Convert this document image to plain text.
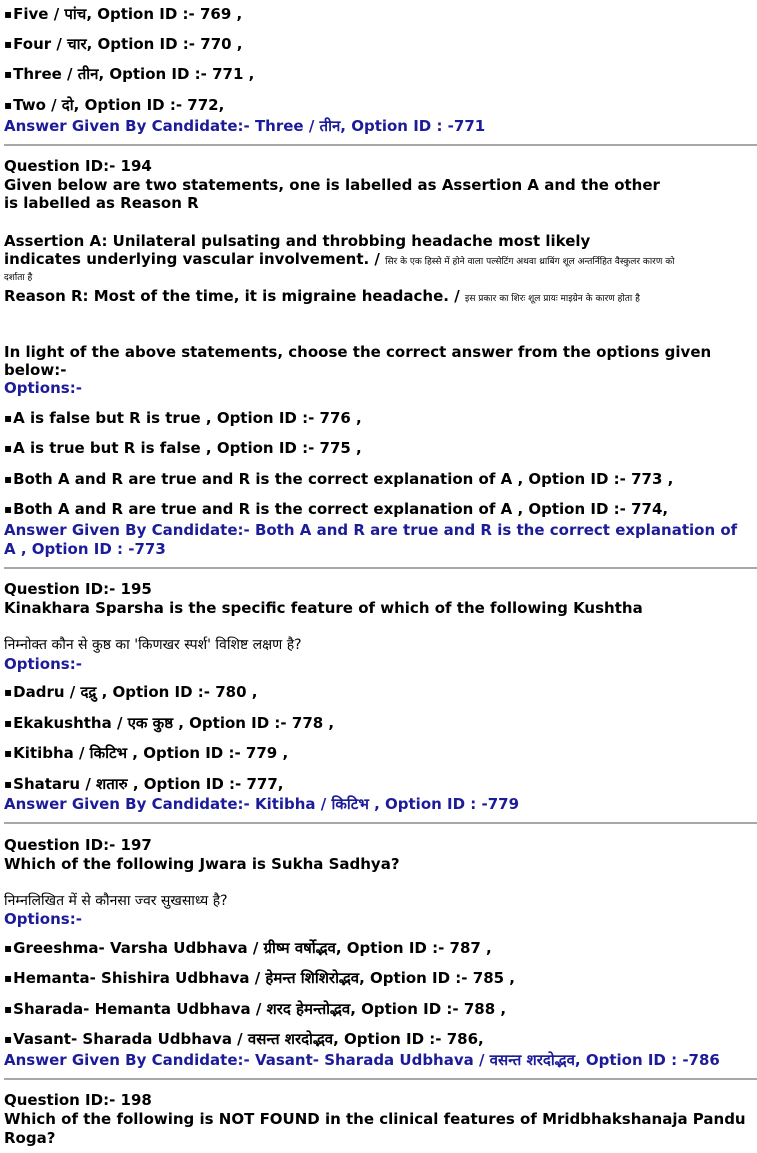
▪ Five / पांच, Option ID :- 769 ,
▪ Four / चार, Option ID :- 770 ,
▪ Three / तीन, Option ID :- 771 ,
▪ Two / दो, Option ID :- 772,
Answer Given By Candidate:- Three / तीन, Option ID : -771
Question ID:- 194
Given below are two statements, one is labelled as Assertion A and the other
is labelled as Reason R
Assertion A: Unilateral pulsating and throbbing headache most likely
indicates underlying vascular involvement. / सिर के एक हिस्से में होने वाला पल्सेटिंग अथवा थ्राबिंग शूल अन्तर्निहित वैस्कुलर कारण को
दर्शाता है
Reason R: Most of the time, it is migraine headache. / इस प्रकार का शिरः शूल प्रायः माइग्रेन के कारण होता है
In light of the above statements, choose the correct answer from the options given
below:-
Options:-
▪ A is false but R is true , Option ID :- 776 ,
▪ A is true but R is false , Option ID :- 775 ,
▪ Both A and R are true and R is the correct explanation of A , Option ID :- 773 ,
▪ Both A and R are true and R is the correct explanation of A , Option ID :- 774,
Answer Given By Candidate:- Both A and R are true and R is the correct explanation of
A , Option ID : -773
Question ID:- 195
Kinakhara Sparsha is the specific feature of which of the following Kushtha
निम्नोक्त कौन से कुष्ठ का 'किणखर स्पर्श' विशिष्ट लक्षण है?
Options:-
▪ Dadru / दद्रु , Option ID :- 780 ,
▪ Ekakushtha / एक कुष्ठ , Option ID :- 778 ,
▪ Kitibha / किटिभ , Option ID :- 779 ,
▪ Shataru / शतारु , Option ID :- 777,
Answer Given By Candidate:- Kitibha / किटिभ , Option ID : -779
Question ID:- 197
Which of the following Jwara is Sukha Sadhya?
निम्नलिखित में से कौनसा ज्वर सुखसाध्य है?
Options:-
▪ Greeshma- Varsha Udbhava / ग्रीष्म वर्षोद्भव, Option ID :- 787 ,
▪ Hemanta- Shishira Udbhava / हेमन्त शिशिरोद्भव, Option ID :- 785 ,
▪ Sharada- Hemanta Udbhava / शरद हेमन्तोद्भव, Option ID :- 788 ,
▪ Vasant- Sharada Udbhava / वसन्त शरदोद्भव, Option ID :- 786,
Answer Given By Candidate:- Vasant- Sharada Udbhava / वसन्त शरदोद्भव, Option ID : -786
Question ID:- 198
Which of the following is NOT FOUND in the clinical features of Mridbhakshanaja Pandu
Roga?
